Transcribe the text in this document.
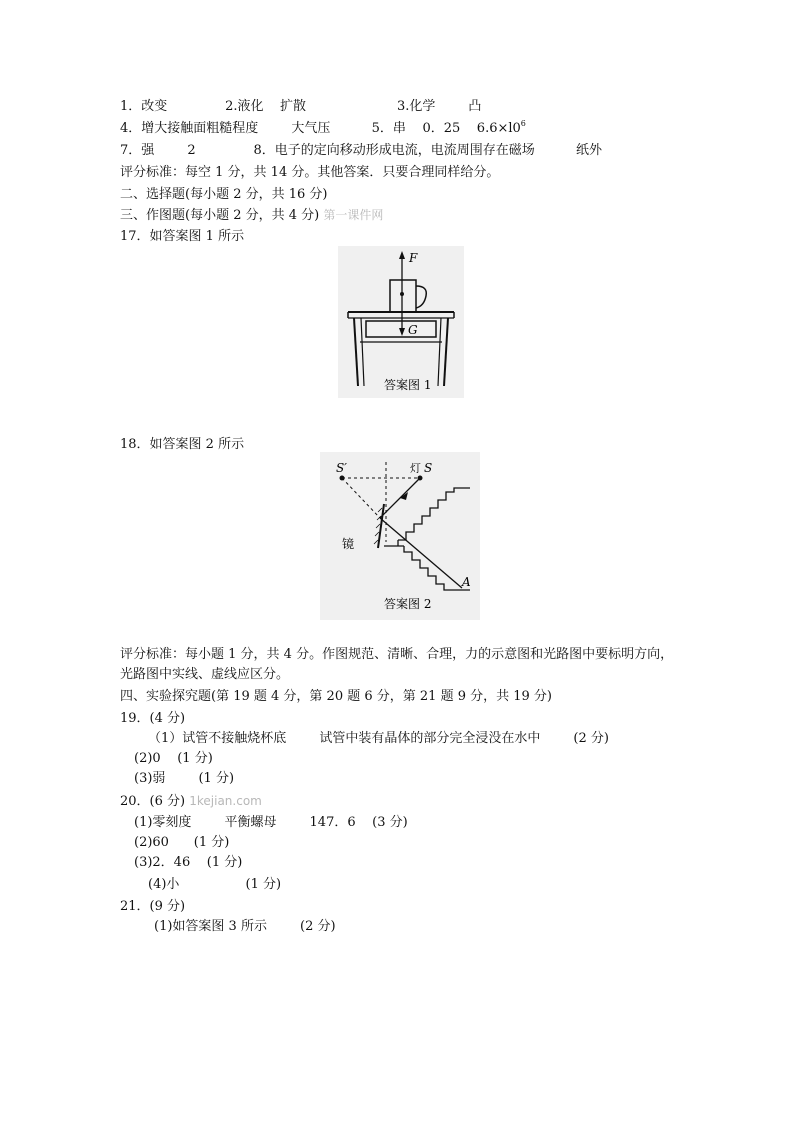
1．改变              2.液化    扩散                      3.化学        凸
4．增大接触面粗糙程度        大气压          5．串    0．25    $6.6\times l0^6$
7．强        2              8．电子的定向移动形成电流，电流周围存在磁场          纸外
评分标准：每空 1 分，共 14 分。其他答案．只要合理同样给分。
二、选择题(每小题 2 分，共 16 分)
三、作图题(每小题 2 分，共 4 分) 第一课件网
17．如答案图 1 所示
F
G
答案图 1
18．如答案图 2 所示
S′	灯 S
镜
A
答案图 2
评分标准：每小题 1 分，共 4 分。作图规范、清晰、合理，力的示意图和光路图中要标明方向，
光路图中实线、虚线应区分。
四、实验探究题(第 19 题 4 分，第 20 题 6 分，第 21 题 9 分，共 19 分)
19．(4 分)
（1）试管不接触烧杯底        试管中装有晶体的部分完全浸没在水中        (2 分)
(2)0    (1 分)
(3)弱        (1 分)
20．(6 分) 1kejian.com
(1)零刻度        平衡螺母        147．6    (3 分)
(2)60      (1 分)
(3)2．46    (1 分)
(4)小                (1 分)
21．(9 分)
(1)如答案图 3 所示        (2 分)
